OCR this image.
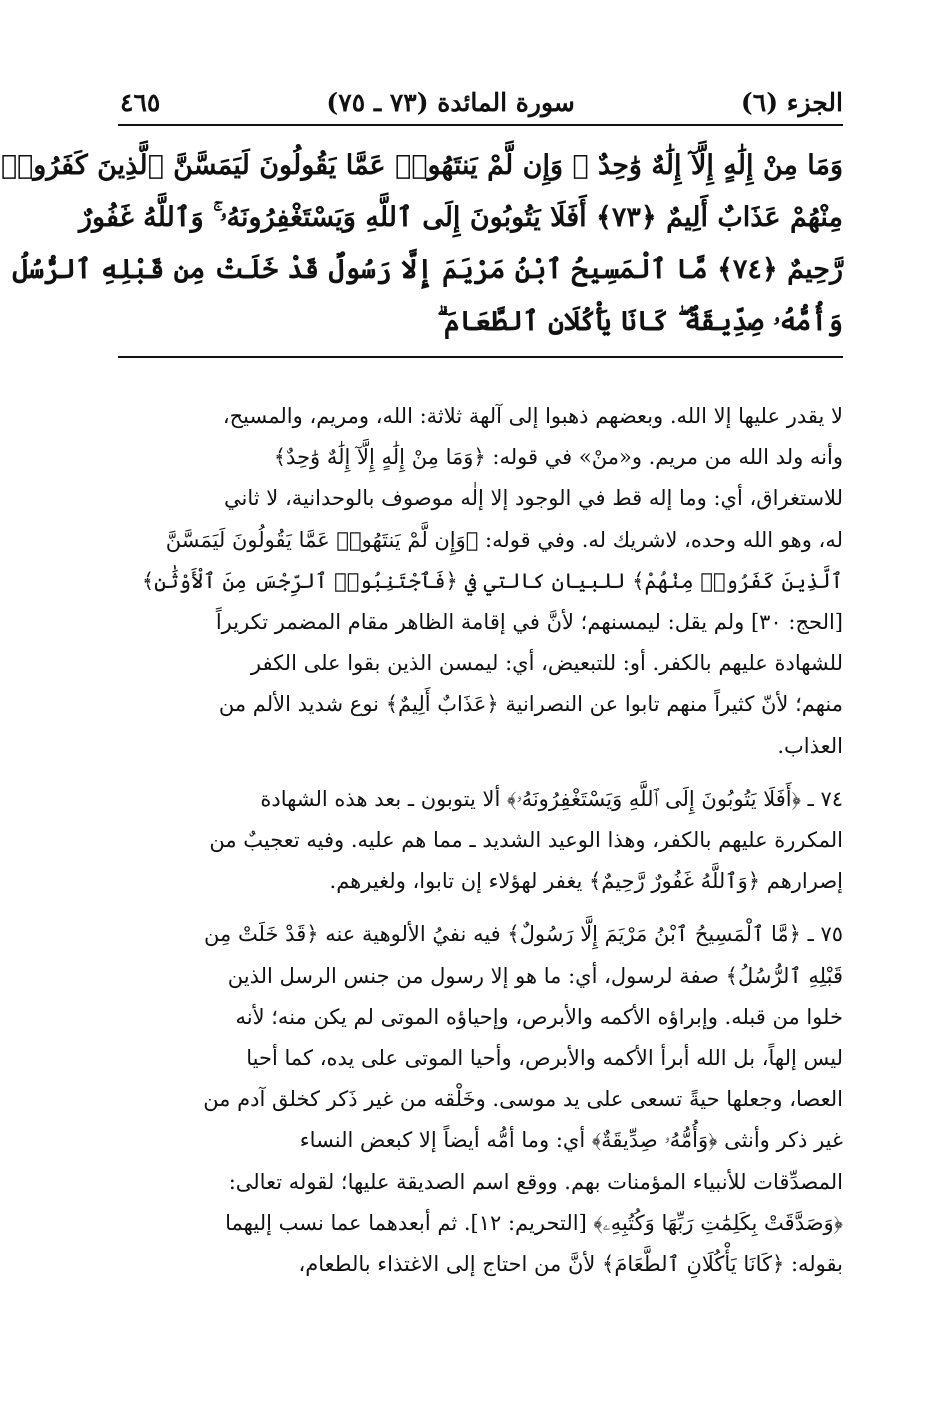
الجزء (٦)
سورة المائدة (٧٣ ـ ٧٥)
٤٦٥
وَمَا مِنْ إِلَٰهٍ إِلَّآ إِلَٰهٌ وَٰحِدٌ ۚ وَإِن لَّمْ يَنتَهُوا۟ عَمَّا يَقُولُونَ لَيَمَسَّنَّ ٱلَّذِينَ كَفَرُوا۟
مِنْهُمْ عَذَابٌ أَلِيمٌ ﴿٧٣﴾ أَفَلَا يَتُوبُونَ إِلَى ٱللَّهِ وَيَسْتَغْفِرُونَهُۥ ۚ وَٱللَّهُ غَفُورٌ
رَّحِيمٌ ﴿٧٤﴾ مَّا ٱلْمَسِيحُ ٱبْنُ مَرْيَمَ إِلَّا رَسُولٌ قَدْ خَلَتْ مِن قَبْلِهِ ٱلرُّسُلُ
وَأُمُّهُۥ صِدِّيقَةٌ ۖ كَانَا يَأْكُلَانِ ٱلطَّعَامَ ۗ
لا يقدر عليها إلا الله. وبعضهم ذهبوا إلى آلهة ثلاثة: الله، ومريم، والمسيح،
وأنه ولد الله من مريم. و«منْ» في قوله: ﴿وَمَا مِنْ إِلَٰهٍ إِلَّآ إِلَٰهٌ وَٰحِدٌ﴾
للاستغراق، أي: وما إله قط في الوجود إلا إلٰه موصوف بالوحدانية، لا ثاني
له، وهو الله وحده، لاشريك له. وفي قوله: ﴿وَإِن لَّمْ يَنتَهُوا۟ عَمَّا يَقُولُونَ لَيَمَسَّنَّ
ٱلَّذِينَ كَفَرُوا۟ مِنْهُمْ﴾ للبيان كالتي في ﴿فَٱجْتَنِبُوا۟ ٱلرِّجْسَ مِنَ ٱلْأَوْثَٰنِ﴾
[الحج: ٣٠] ولم يقل: ليمسنهم؛ لأنَّ في إقامة الظاهر مقام المضمر تكريراً
للشهادة عليهم بالكفر. أو: للتبعيض، أي: ليمسن الذين بقوا على الكفر
منهم؛ لأنّ كثيراً منهم تابوا عن النصرانية ﴿عَذَابٌ أَلِيمٌ﴾ نوع شديد الألم من
العذاب.
٧٤ ـ ﴿أَفَلَا يَتُوبُونَ إِلَى ٱللَّهِ وَيَسْتَغْفِرُونَهُۥ﴾ ألا يتوبون ـ بعد هذه الشهادة
المكررة عليهم بالكفر، وهذا الوعيد الشديد ـ مما هم عليه. وفيه تعجيبٌ من
إصرارهم ﴿وَٱللَّهُ غَفُورٌ رَّحِيمٌ﴾ يغفر لهؤلاء إن تابوا، ولغيرهم.
٧٥ ـ ﴿مَّا ٱلْمَسِيحُ ٱبْنُ مَرْيَمَ إِلَّا رَسُولٌ﴾ فيه نفيُ الألوهية عنه ﴿قَدْ خَلَتْ مِن
قَبْلِهِ ٱلرُّسُلُ﴾ صفة لرسول، أي: ما هو إلا رسول من جنس الرسل الذين
خلوا من قبله. وإبراؤه الأكمه والأبرص، وإحياؤه الموتى لم يكن منه؛ لأنه
ليس إلهاً، بل الله أبرأ الأكمه والأبرص، وأحيا الموتى على يده، كما أحيا
العصا، وجعلها حيةً تسعى على يد موسى. وخَلْقه من غير ذَكر كخلق آدم من
غير ذكر وأنثى ﴿وَأُمُّهُۥ صِدِّيقَةٌ﴾ أي: وما أمُّه أيضاً إلا كبعض النساء
المصدِّقات للأنبياء المؤمنات بهم. ووقع اسم الصديقة عليها؛ لقوله تعالى:
﴿وَصَدَّقَتْ بِكَلِمَٰتِ رَبِّهَا وَكُتُبِهِۦ﴾ [التحريم: ١٢]. ثم أبعدهما عما نسب إليهما
بقوله: ﴿كَانَا يَأْكُلَانِ ٱلطَّعَامَ﴾ لأنَّ من احتاج إلى الاغتذاء بالطعام،
